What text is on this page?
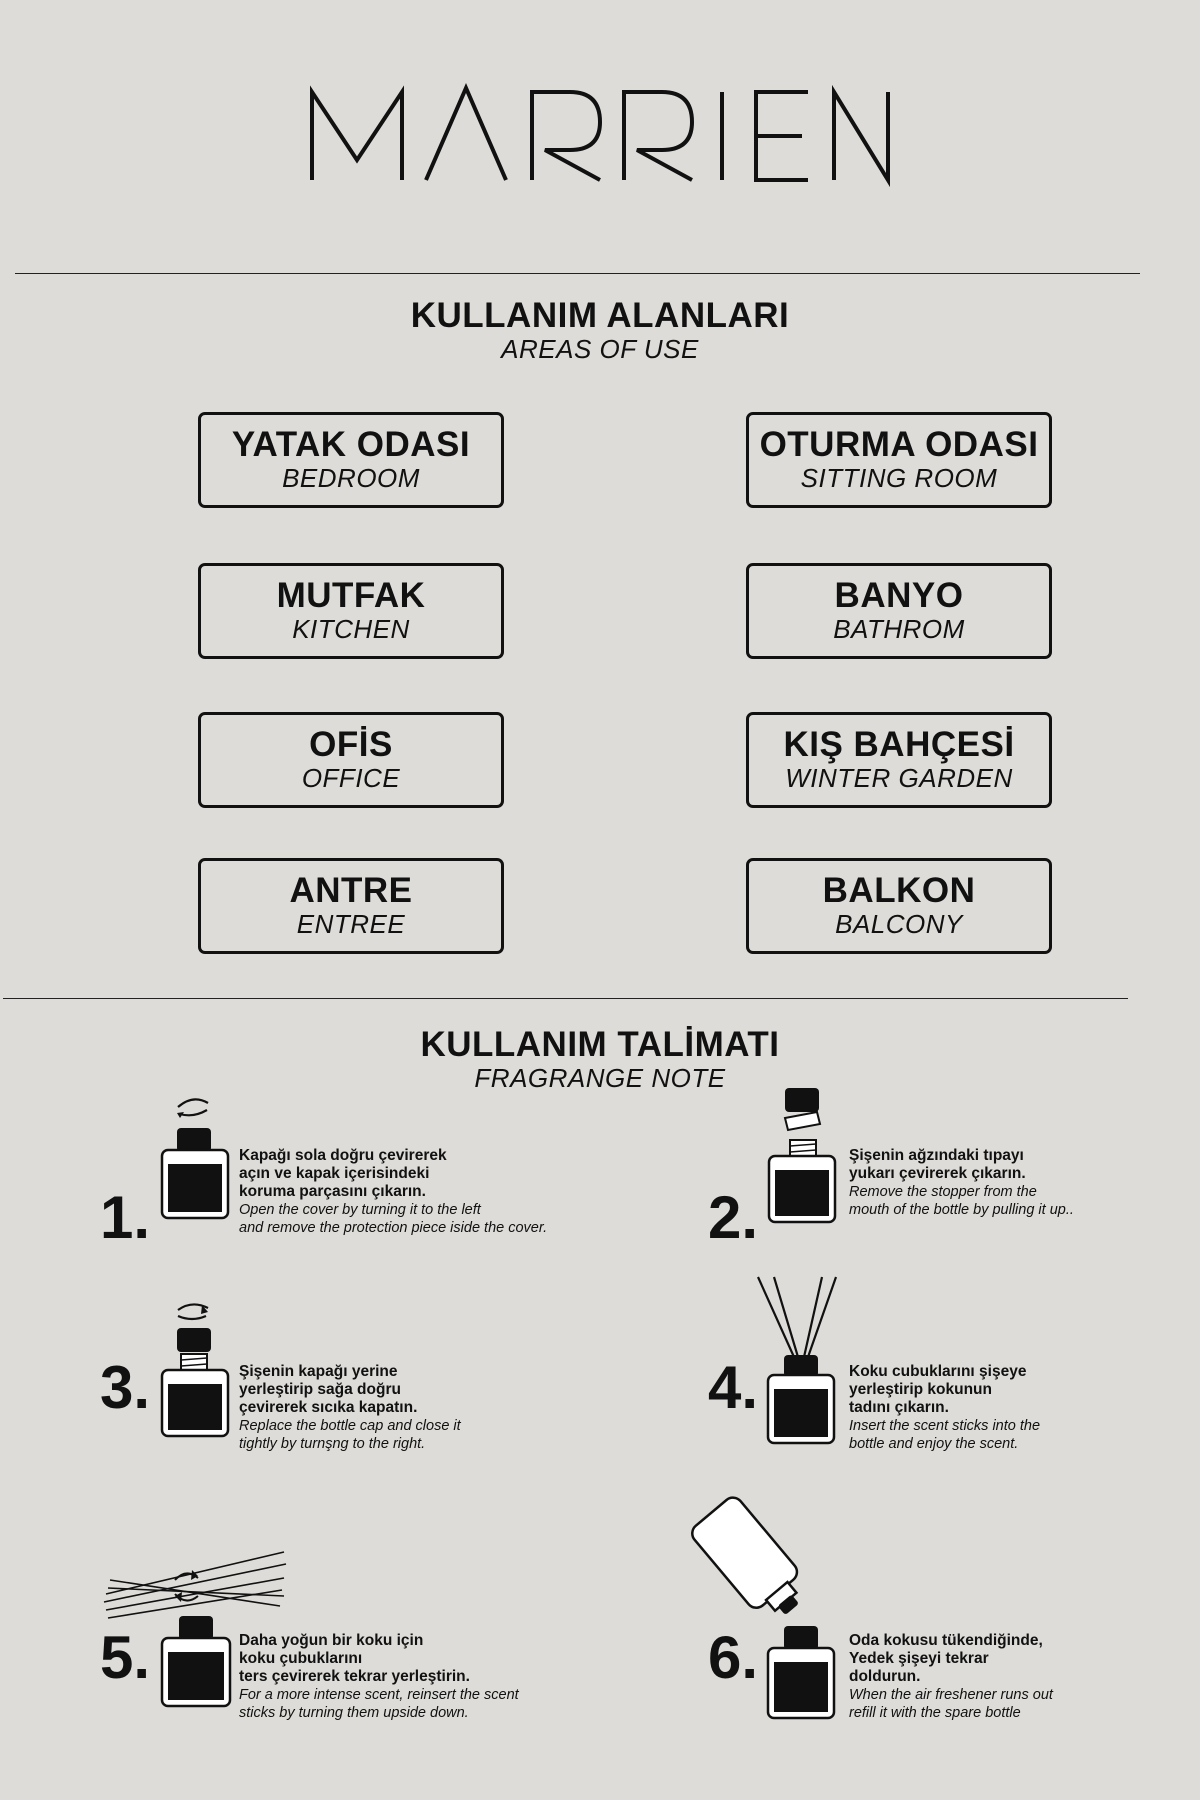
KULLANIM ALANLARI
AREAS OF USE
YATAK ODASI
BEDROOM
OTURMA ODASI
SITTING ROOM
MUTFAK
KITCHEN
BANYO
BATHROM
OFİS
OFFICE
KIŞ BAHÇESİ
WINTER GARDEN
ANTRE
ENTREE
BALKON
BALCONY
KULLANIM TALİMATI
FRAGRANGE NOTE
1.
Kapağı sola doğru çevirerek
açın ve kapak içerisindeki
koruma parçasını çıkarın.
Open the cover by turning it to the left
and remove the protection piece iside the cover.	2.
Şişenin ağzındaki tıpayı
yukarı çevirerek çıkarın.
Remove the stopper from the
mouth of the bottle by pulling it up..
3.	Şişenin kapağı yerine
yerleştirip sağa doğru
çevirerek sıcıka kapatın.
Replace the bottle cap and close it
tightly by turnşng to the right.
4.	Koku cubuklarını şişeye
yerleştirip kokunun
tadını çıkarın.
Insert the scent sticks into the
bottle and enjoy the scent.
5.	Daha yoğun bir koku için
koku çubuklarını
ters çevirerek tekrar yerleştirin.
For a more intense scent, reinsert the scent
sticks by turning them upside down.
6.	Oda kokusu tükendiğinde,
Yedek şişeyi tekrar
doldurun.
When the air freshener runs out
refill it with the spare bottle
